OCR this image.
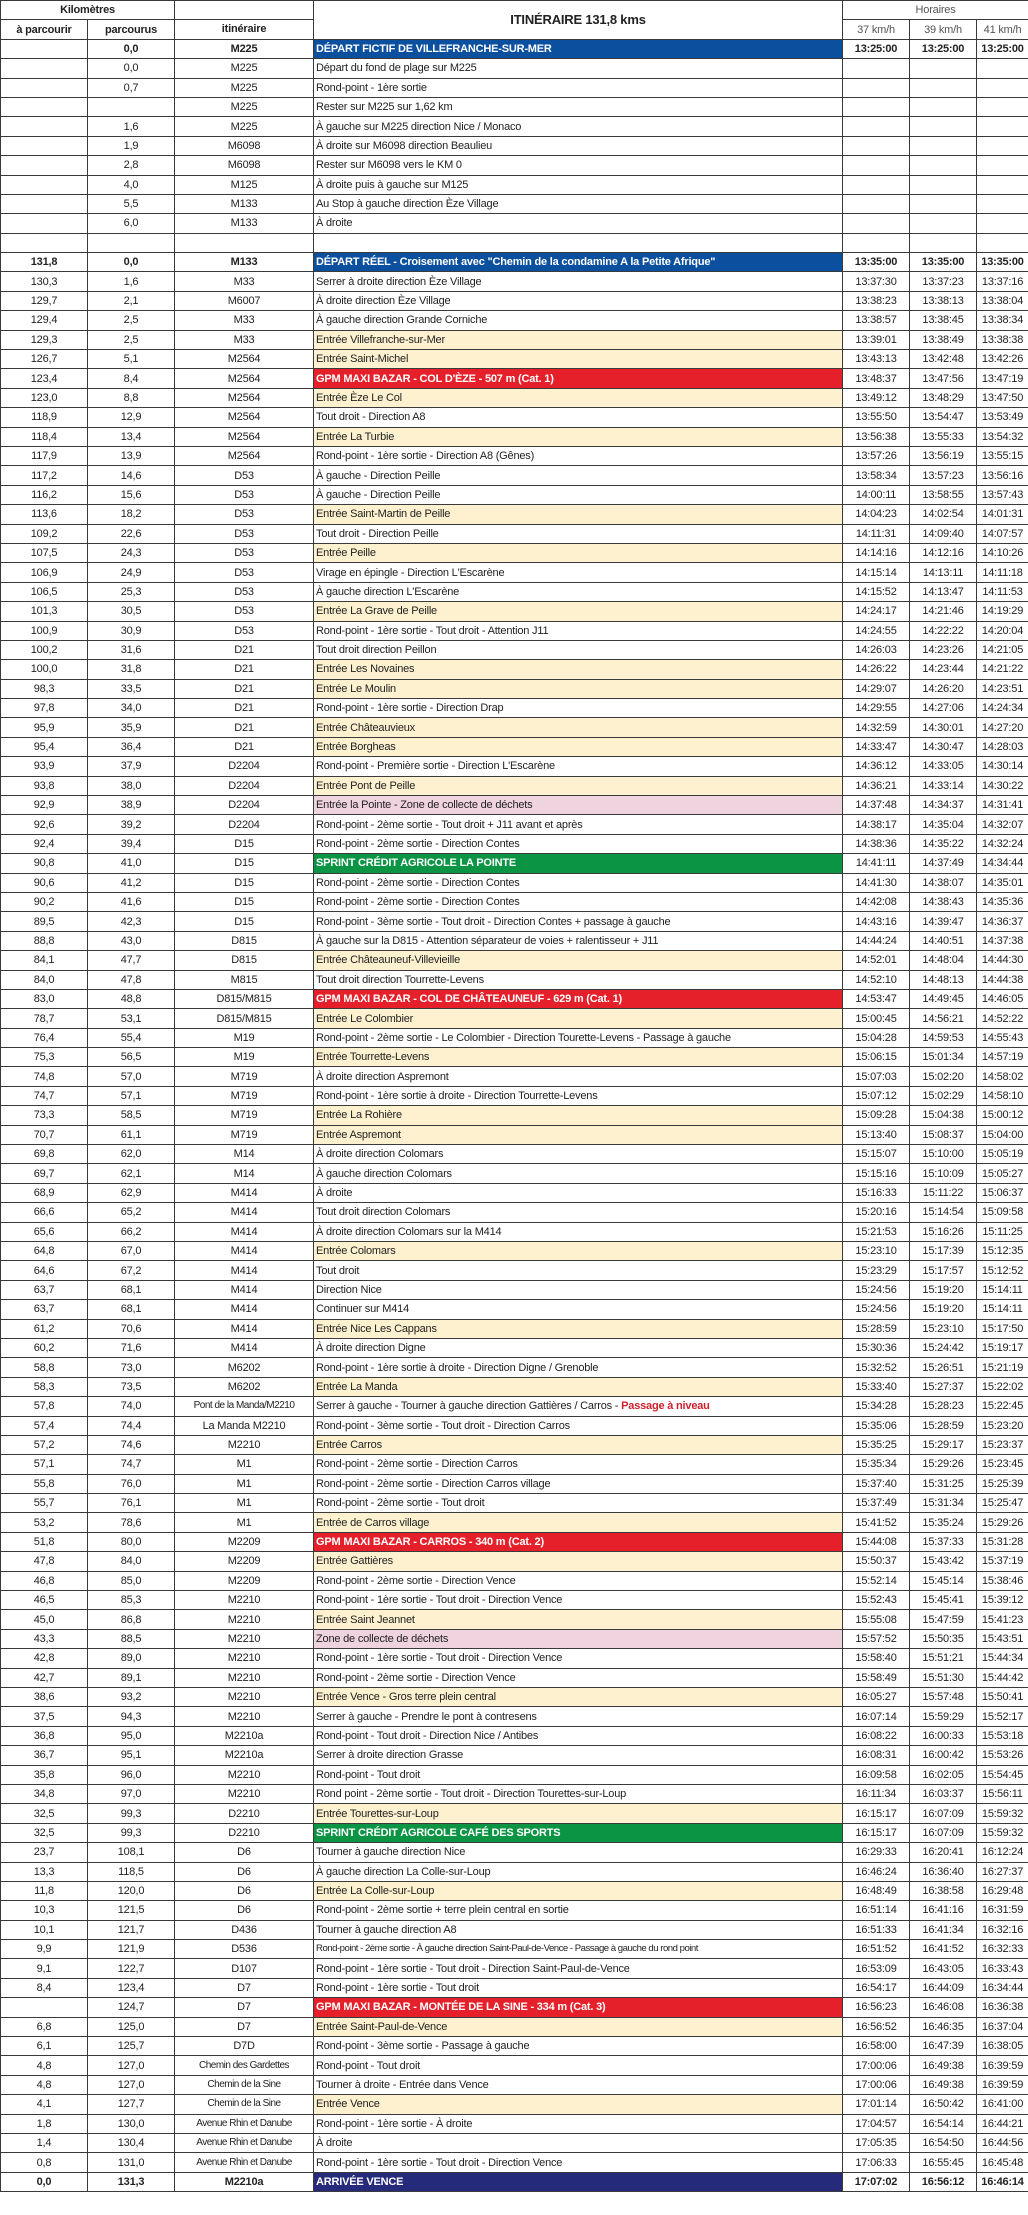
Kilomètres		itinéraire	ITINÉRAIRE 131,8 kms	Horaires		
à parcourir	parcourus			37 km/h	39 km/h	41 km/h
	0,0	M225	DÉPART FICTIF DE VILLEFRANCHE-SUR-MER	13:25:00	13:25:00	13:25:00
	0,0	M225	Départ du fond de plage sur M225			
	0,7	M225	Rond-point - 1ère sortie			
		M225	Rester sur M225 sur 1,62 km			
	1,6	M225	À gauche sur M225 direction Nice / Monaco			
	1,9	M6098	À droite sur M6098 direction Beaulieu			
	2,8	M6098	Rester sur M6098 vers le KM 0			
	4,0	M125	À droite puis à gauche sur M125			
	5,5	M133	Au Stop à gauche direction Èze Village			
	6,0	M133	À droite			

131,8	0,0	M133	DÉPART RÉEL - Croisement avec "Chemin de la condamine A la Petite Afrique"	13:35:00	13:35:00	13:35:00
130,3	1,6	M33	Serrer à droite direction Èze Village	13:37:30	13:37:23	13:37:16
129,7	2,1	M6007	À droite direction Èze Village	13:38:23	13:38:13	13:38:04
129,4	2,5	M33	À gauche direction Grande Corniche	13:38:57	13:38:45	13:38:34
129,3	2,5	M33	Entrée Villefranche-sur-Mer	13:39:01	13:38:49	13:38:38
126,7	5,1	M2564	Entrée Saint-Michel	13:43:13	13:42:48	13:42:26
123,4	8,4	M2564	GPM MAXI BAZAR - COL D'ÈZE - 507 m (Cat. 1)	13:48:37	13:47:56	13:47:19
123,0	8,8	M2564	Entrée Èze Le Col	13:49:12	13:48:29	13:47:50
118,9	12,9	M2564	Tout droit - Direction A8	13:55:50	13:54:47	13:53:49
118,4	13,4	M2564	Entrée La Turbie	13:56:38	13:55:33	13:54:32
117,9	13,9	M2564	Rond-point - 1ère sortie - Direction A8 (Gênes)	13:57:26	13:56:19	13:55:15
117,2	14,6	D53	À gauche - Direction Peille	13:58:34	13:57:23	13:56:16
116,2	15,6	D53	À gauche - Direction Peille	14:00:11	13:58:55	13:57:43
113,6	18,2	D53	Entrée Saint-Martin de Peille	14:04:23	14:02:54	14:01:31
109,2	22,6	D53	Tout droit - Direction Peille	14:11:31	14:09:40	14:07:57
107,5	24,3	D53	Entrée Peille	14:14:16	14:12:16	14:10:26
106,9	24,9	D53	Virage en épingle - Direction L'Escarène	14:15:14	14:13:11	14:11:18
106,5	25,3	D53	À gauche direction L'Escarène	14:15:52	14:13:47	14:11:53
101,3	30,5	D53	Entrée La Grave de Peille	14:24:17	14:21:46	14:19:29
100,9	30,9	D53	Rond-point - 1ère sortie - Tout droit - Attention J11	14:24:55	14:22:22	14:20:04
100,2	31,6	D21	Tout droit direction Peillon	14:26:03	14:23:26	14:21:05
100,0	31,8	D21	Entrée Les Novaines	14:26:22	14:23:44	14:21:22
98,3	33,5	D21	Entrée Le Moulin	14:29:07	14:26:20	14:23:51
97,8	34,0	D21	Rond-point - 1ère sortie - Direction Drap	14:29:55	14:27:06	14:24:34
95,9	35,9	D21	Entrée Châteauvieux	14:32:59	14:30:01	14:27:20
95,4	36,4	D21	Entrée Borgheas	14:33:47	14:30:47	14:28:03
93,9	37,9	D2204	Rond-point - Première sortie - Direction L'Escarène	14:36:12	14:33:05	14:30:14
93,8	38,0	D2204	Entrée Pont de Peille	14:36:21	14:33:14	14:30:22
92,9	38,9	D2204	Entrée la Pointe - Zone de collecte de déchets	14:37:48	14:34:37	14:31:41
92,6	39,2	D2204	Rond-point - 2ème sortie - Tout droit + J11 avant et après	14:38:17	14:35:04	14:32:07
92,4	39,4	D15	Rond-point - 2ème sortie - Direction Contes	14:38:36	14:35:22	14:32:24
90,8	41,0	D15	SPRINT CRÉDIT AGRICOLE LA POINTE	14:41:11	14:37:49	14:34:44
90,6	41,2	D15	Rond-point - 2ème sortie - Direction Contes	14:41:30	14:38:07	14:35:01
90,2	41,6	D15	Rond-point - 2ème sortie - Direction Contes	14:42:08	14:38:43	14:35:36
89,5	42,3	D15	Rond-point - 3ème sortie - Tout droit - Direction Contes + passage à gauche	14:43:16	14:39:47	14:36:37
88,8	43,0	D815	À gauche sur la D815 - Attention séparateur de voies + ralentisseur + J11	14:44:24	14:40:51	14:37:38
84,1	47,7	D815	Entrée Châteauneuf-Villevieille	14:52:01	14:48:04	14:44:30
84,0	47,8	M815	Tout droit direction Tourrette-Levens	14:52:10	14:48:13	14:44:38
83,0	48,8	D815/M815	GPM MAXI BAZAR - COL DE CHÂTEAUNEUF - 629 m (Cat. 1)	14:53:47	14:49:45	14:46:05
78,7	53,1	D815/M815	Entrée Le Colombier	15:00:45	14:56:21	14:52:22
76,4	55,4	M19	Rond-point - 2ème sortie - Le Colombier - Direction Tourette-Levens - Passage à gauche	15:04:28	14:59:53	14:55:43
75,3	56,5	M19	Entrée Tourrette-Levens	15:06:15	15:01:34	14:57:19
74,8	57,0	M719	À droite direction Aspremont	15:07:03	15:02:20	14:58:02
74,7	57,1	M719	Rond-point - 1ère sortie à droite - Direction Tourrette-Levens	15:07:12	15:02:29	14:58:10
73,3	58,5	M719	Entrée La Rohière	15:09:28	15:04:38	15:00:12
70,7	61,1	M719	Entrée Aspremont	15:13:40	15:08:37	15:04:00
69,8	62,0	M14	À droite direction Colomars	15:15:07	15:10:00	15:05:19
69,7	62,1	M14	À gauche direction Colomars	15:15:16	15:10:09	15:05:27
68,9	62,9	M414	À droite	15:16:33	15:11:22	15:06:37
66,6	65,2	M414	Tout droit direction Colomars	15:20:16	15:14:54	15:09:58
65,6	66,2	M414	À droite direction Colomars sur la M414	15:21:53	15:16:26	15:11:25
64,8	67,0	M414	Entrée Colomars	15:23:10	15:17:39	15:12:35
64,6	67,2	M414	Tout droit	15:23:29	15:17:57	15:12:52
63,7	68,1	M414	Direction Nice	15:24:56	15:19:20	15:14:11
63,7	68,1	M414	Continuer sur M414	15:24:56	15:19:20	15:14:11
61,2	70,6	M414	Entrée Nice Les Cappans	15:28:59	15:23:10	15:17:50
60,2	71,6	M414	À droite direction Digne	15:30:36	15:24:42	15:19:17
58,8	73,0	M6202	Rond-point - 1ère sortie à droite - Direction Digne / Grenoble	15:32:52	15:26:51	15:21:19
58,3	73,5	M6202	Entrée La Manda	15:33:40	15:27:37	15:22:02
57,8	74,0	Pont de la Manda/M2210	Serrer à gauche - Tourner à gauche direction Gattières / Carros - Passage à niveau	15:34:28	15:28:23	15:22:45
57,4	74,4	La Manda M2210	Rond-point - 3ème sortie - Tout droit - Direction Carros	15:35:06	15:28:59	15:23:20
57,2	74,6	M2210	Entrée Carros	15:35:25	15:29:17	15:23:37
57,1	74,7	M1	Rond-point - 2ème sortie - Direction Carros	15:35:34	15:29:26	15:23:45
55,8	76,0	M1	Rond-point - 2ème sortie - Direction Carros village	15:37:40	15:31:25	15:25:39
55,7	76,1	M1	Rond-point - 2ème sortie - Tout droit	15:37:49	15:31:34	15:25:47
53,2	78,6	M1	Entrée de Carros village	15:41:52	15:35:24	15:29:26
51,8	80,0	M2209	GPM MAXI BAZAR - CARROS - 340 m (Cat. 2)	15:44:08	15:37:33	15:31:28
47,8	84,0	M2209	Entrée Gattières	15:50:37	15:43:42	15:37:19
46,8	85,0	M2209	Rond-point - 2ème sortie - Direction Vence	15:52:14	15:45:14	15:38:46
46,5	85,3	M2210	Rond-point - 1ère sortie - Tout droit - Direction Vence	15:52:43	15:45:41	15:39:12
45,0	86,8	M2210	Entrée Saint Jeannet	15:55:08	15:47:59	15:41:23
43,3	88,5	M2210	Zone de collecte de déchets	15:57:52	15:50:35	15:43:51
42,8	89,0	M2210	Rond-point - 1ère sortie - Tout droit - Direction Vence	15:58:40	15:51:21	15:44:34
42,7	89,1	M2210	Rond-point - 2ème sortie - Direction Vence	15:58:49	15:51:30	15:44:42
38,6	93,2	M2210	Entrée Vence - Gros terre plein central	16:05:27	15:57:48	15:50:41
37,5	94,3	M2210	Serrer à gauche - Prendre le pont à contresens	16:07:14	15:59:29	15:52:17
36,8	95,0	M2210a	Rond-point - Tout droit - Direction Nice / Antibes	16:08:22	16:00:33	15:53:18
36,7	95,1	M2210a	Serrer à droite direction Grasse	16:08:31	16:00:42	15:53:26
35,8	96,0	M2210	Rond-point - Tout droit	16:09:58	16:02:05	15:54:45
34,8	97,0	M2210	Rond point - 2ème sortie - Tout droit - Direction Tourettes-sur-Loup	16:11:34	16:03:37	15:56:11
32,5	99,3	D2210	Entrée Tourettes-sur-Loup	16:15:17	16:07:09	15:59:32
32,5	99,3	D2210	SPRINT CRÉDIT AGRICOLE CAFÉ DES SPORTS	16:15:17	16:07:09	15:59:32
23,7	108,1	D6	Tourner à gauche direction Nice	16:29:33	16:20:41	16:12:24
13,3	118,5	D6	À gauche direction La Colle-sur-Loup	16:46:24	16:36:40	16:27:37
11,8	120,0	D6	Entrée La Colle-sur-Loup	16:48:49	16:38:58	16:29:48
10,3	121,5	D6	Rond-point - 2ème sortie + terre plein central en sortie	16:51:14	16:41:16	16:31:59
10,1	121,7	D436	Tourner à gauche direction A8	16:51:33	16:41:34	16:32:16
9,9	121,9	D536	Rond-point - 2ème sortie - À gauche direction Saint-Paul-de-Vence - Passage à gauche du rond point	16:51:52	16:41:52	16:32:33
9,1	122,7	D107	Rond-point - 1ère sortie - Tout droit - Direction Saint-Paul-de-Vence	16:53:09	16:43:05	16:33:43
8,4	123,4	D7	Rond-point - 1ère sortie - Tout droit	16:54:17	16:44:09	16:34:44
	124,7	D7	GPM MAXI BAZAR - MONTÉE DE LA SINE - 334 m (Cat. 3)	16:56:23	16:46:08	16:36:38
6,8	125,0	D7	Entrée Saint-Paul-de-Vence	16:56:52	16:46:35	16:37:04
6,1	125,7	D7D	Rond-point - 3ème sortie - Passage à gauche	16:58:00	16:47:39	16:38:05
4,8	127,0	Chemin des Gardettes	Rond-point - Tout droit	17:00:06	16:49:38	16:39:59
4,8	127,0	Chemin de la Sine	Tourner à droite - Entrée dans Vence	17:00:06	16:49:38	16:39:59
4,1	127,7	Chemin de la Sine	Entrée Vence	17:01:14	16:50:42	16:41:00
1,8	130,0	Avenue Rhin et Danube	Rond-point - 1ère sortie - À droite	17:04:57	16:54:14	16:44:21
1,4	130,4	Avenue Rhin et Danube	À droite	17:05:35	16:54:50	16:44:56
0,8	131,0	Avenue Rhin et Danube	Rond-point - 1ère sortie - Tout droit - Direction Vence	17:06:33	16:55:45	16:45:48
0,0	131,3	M2210a	ARRIVÉE VENCE	17:07:02	16:56:12	16:46:14
